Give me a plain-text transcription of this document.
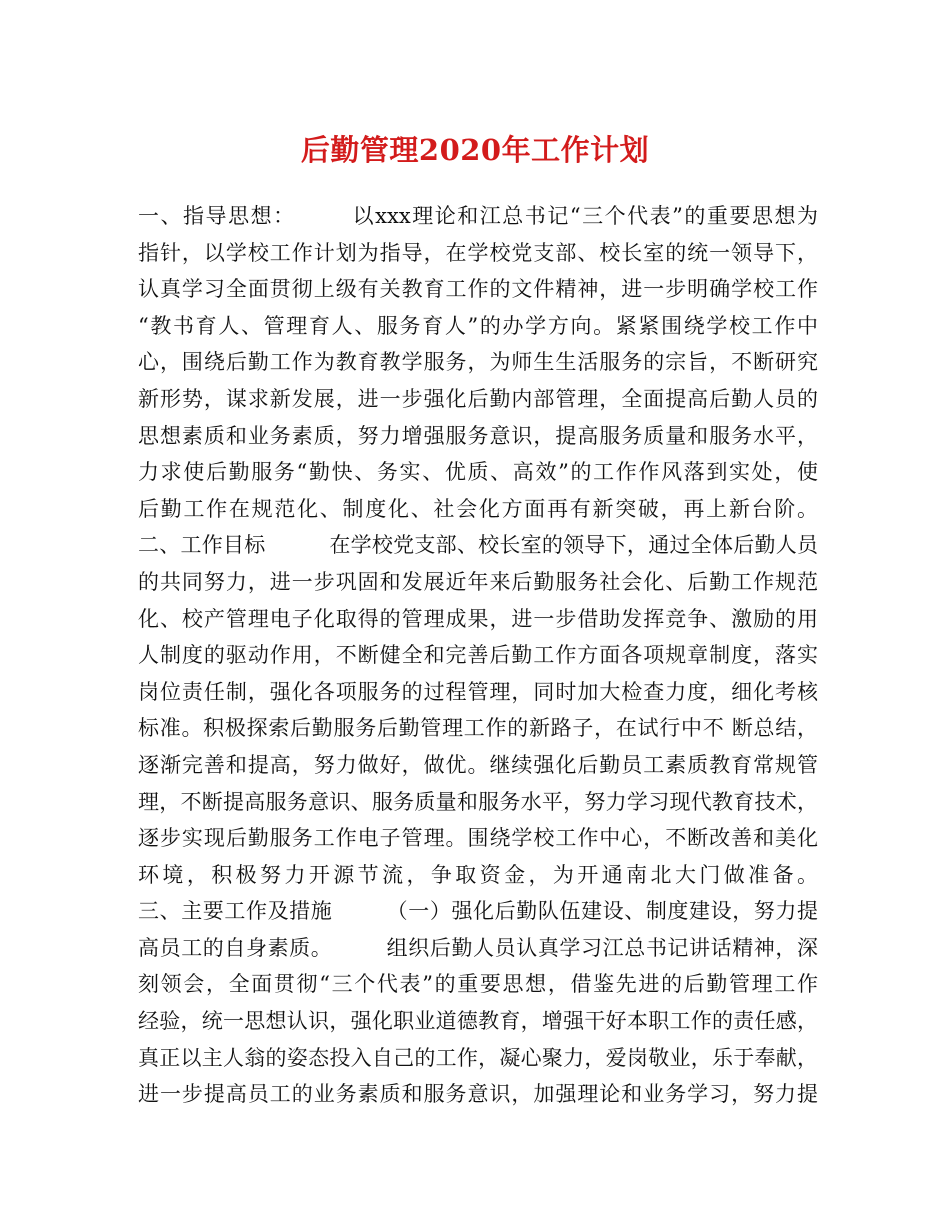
后勤管理2020年工作计划
一、指导思想：　　　以xxx理论和江总书记“三个代表”的重要思想为
指针，以学校工作计划为指导，在学校党支部、校长室的统一领导下，
认真学习全面贯彻上级有关教育工作的文件精神，进一步明确学校工作
“教书育人、管理育人、服务育人”的办学方向。紧紧围绕学校工作中
心，围绕后勤工作为教育教学服务，为师生生活服务的宗旨，不断研究
新形势，谋求新发展，进一步强化后勤内部管理，全面提高后勤人员的
思想素质和业务素质，努力增强服务意识，提高服务质量和服务水平，
力求使后勤服务“勤快、务实、优质、高效”的工作作风落到实处，使
后勤工作在规范化、制度化、社会化方面再有新突破，再上新台阶。
二、工作目标　　　在学校党支部、校长室的领导下，通过全体后勤人员
的共同努力，进一步巩固和发展近年来后勤服务社会化、后勤工作规范
化、校产管理电子化取得的管理成果，进一步借助发挥竞争、激励的用
人制度的驱动作用，不断健全和完善后勤工作方面各项规章制度，落实
岗位责任制，强化各项服务的过程管理，同时加大检查力度，细化考核
标准。积极探索后勤服务后勤管理工作的新路子，在试行中不 断总结，
逐渐完善和提高，努力做好，做优。继续强化后勤员工素质教育常规管
理，不断提高服务意识、服务质量和服务水平，努力学习现代教育技术，
逐步实现后勤服务工作电子管理。围绕学校工作中心，不断改善和美化
环境，积极努力开源节流，争取资金，为开通南北大门做准备。
三、主要工作及措施　　　（一）强化后勤队伍建设、制度建设，努力提
高员工的自身素质。　　　组织后勤人员认真学习江总书记讲话精神，深
刻领会，全面贯彻“三个代表”的重要思想，借鉴先进的后勤管理工作
经验，统一思想认识，强化职业道德教育，增强干好本职工作的责任感，
真正以主人翁的姿态投入自己的工作，凝心聚力，爱岗敬业，乐于奉献，
进一步提高员工的业务素质和服务意识，加强理论和业务学习，努力提
